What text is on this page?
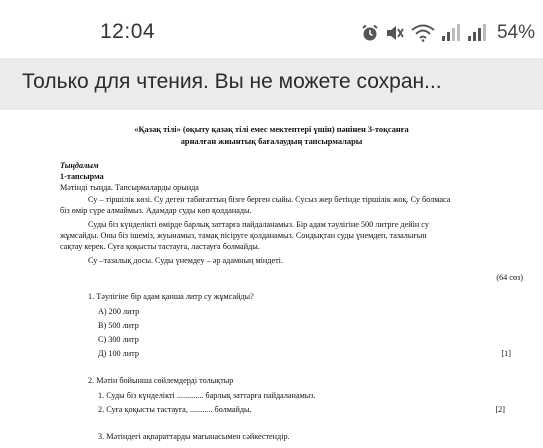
12:04	54%
Только для чтения. Вы не можете сохран...
«Қазақ тілі» (оқыту қазақ тілі емес мектептері үшін) пәнінен 3-тоқсанға
арналған жиынтық бағалаудың тапсырмалары
Тыңдалым
1-тапсырма
Мәтінді тыңда. Тапсырмаларды орында
Су – тіршілік көзі. Су деген табиғаттың бізге берген сыйы. Сусыз жер бетінде тіршілік жоқ. Су болмаса
біз өмір сүре алмаймыз. Адамдар суды көп қолданады.
Суды біз күнделікті өмірде барлық заттарға пайдаланамыз. Бір адам тәулігіне 500 литрге дейін су
жұмсайды. Оны біз ішеміз, жуынамыз, тамақ пісіруге қолданамыз. Сондықтан суды үнемдеп, тазалығын
сақтау керек. Суға қоқысты тастауға, ластауға болмайды.
Су –тазалық досы. Суды үнемдеу – әр адамның міндеті.
(64 сөз)
1. Тәулігіне бір адам қанша литр су жұмсайды?
А) 200 литр
В) 500 литр
С) 300 литр
Д) 100 литр	[1]
2. Мәтін бойынша сөйлемдерді толықтыр
1. Суды біз күнделікті ............. барлық заттарға пайдаланамыз.
2. Суға қоқысты тастауға, ........... болмайды.	[2]
3. Мәтіндегі ақпараттарды мағынасымен сәйкестендір.
